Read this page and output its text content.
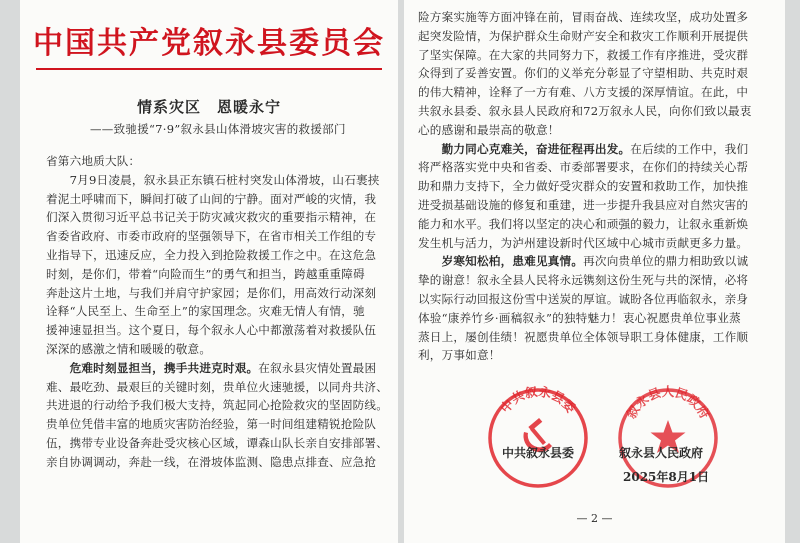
中国共产党叙永县委员会
情系灾区　恩暖永宁
——致驰援“7·9”叙永县山体滑坡灾害的救援部门
省第六地质大队：
　　7月9日凌晨，叙永县正东镇石桩村突发山体滑坡，山石裹挟
着泥土呼啸而下，瞬间打破了山间的宁静。面对严峻的灾情，我
们深入贯彻习近平总书记关于防灾减灾救灾的重要指示精神，在
省委省政府、市委市政府的坚强领导下，在省市相关工作组的专
业指导下，迅速反应，全力投入到抢险救援工作之中。在这危急
时刻，是你们，带着“向险而生”的勇气和担当，跨越重重障碍
奔赴这片土地，与我们并肩守护家园；是你们，用高效行动深刻
诠释“人民至上、生命至上”的家国理念。灾难无情人有情，驰
援神速显担当。这个夏日，每个叙永人心中都激荡着对救援队伍
深深的感激之情和暖暖的敬意。
　　危难时刻显担当，携手共进克时艰。在叙永县灾情处置最困
难、最吃劲、最艰巨的关键时刻，贵单位火速驰援，以同舟共济、
共进退的行动给予我们极大支持，筑起同心抢险救灾的坚固防线。
贵单位凭借丰富的地质灾害防治经验，第一时间组建精锐抢险队
伍，携带专业设备奔赴受灾核心区域，谭森山队长亲自安排部署、
亲自协调调动，奔赴一线，在滑坡体监测、隐患点排查、应急抢
险方案实施等方面冲锋在前，冒雨奋战、连续攻坚，成功处置多
起突发险情，为保护群众生命财产安全和救灾工作顺利开展提供
了坚实保障。在大家的共同努力下，救援工作有序推进，受灾群
众得到了妥善安置。你们的义举充分彰显了守望相助、共克时艰
的伟大精神，诠释了一方有难、八方支援的深厚情谊。在此，中
共叙永县委、叙永县人民政府和72万叙永人民，向你们致以最衷
心的感谢和最崇高的敬意！
　　勤力同心克难关，奋进征程再出发。在后续的工作中，我们
将严格落实党中央和省委、市委部署要求，在你们的持续关心帮
助和鼎力支持下，全力做好受灾群众的安置和救助工作，加快推
进受损基础设施的修复和重建，进一步提升我县应对自然灾害的
能力和水平。我们将以坚定的决心和顽强的毅力，让叙永重新焕
发生机与活力，为泸州建设新时代区域中心城市贡献更多力量。
　　岁寒知松柏，患难见真情。再次向贵单位的鼎力相助致以诚
挚的谢意！叙永全县人民将永远镌刻这份生死与共的深情，必将
以实际行动回报这份雪中送炭的厚谊。诚盼各位再临叙永，亲身
体验“康养竹乡·画稿叙永”的独特魅力！衷心祝愿贵单位事业蒸
蒸日上，屡创佳绩！祝愿贵单位全体领导职工身体健康，工作顺
利，万事如意！
中共叙永县委	叙永县人民政府
中共叙永县委	叙永县人民政府
2025年8月1日
— 2 —
